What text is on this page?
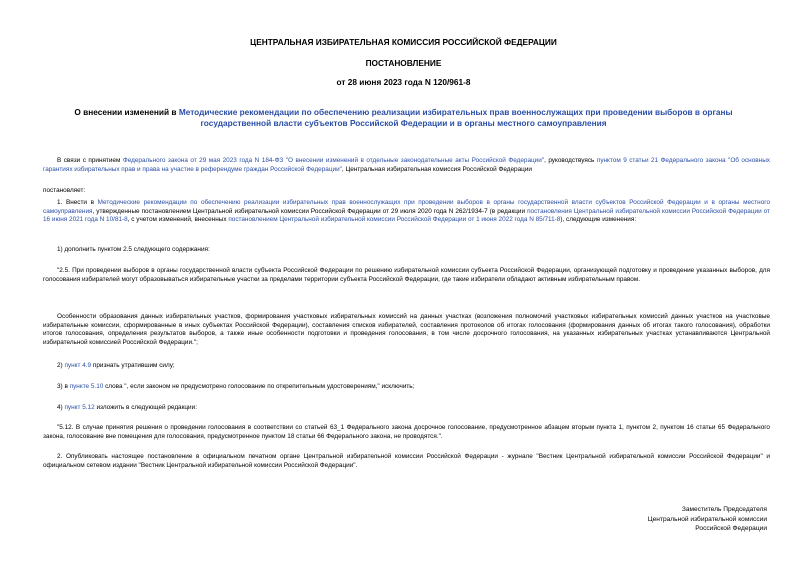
ЦЕНТРАЛЬНАЯ ИЗБИРАТЕЛЬНАЯ КОМИССИЯ РОССИЙСКОЙ ФЕДЕРАЦИИ
ПОСТАНОВЛЕНИЕ
от 28 июня 2023 года N 120/961-8
О внесении изменений в Методические рекомендации по обеспечению реализации избирательных прав военнослужащих при проведении выборов в органы государственной власти субъектов Российской Федерации и в органы местного самоуправления
В связи с принятием Федерального закона от 29 мая 2023 года N 184-ФЗ "О внесении изменений в отдельные законодательные акты Российской Федерации", руководствуясь пунктом 9 статьи 21 Федерального закона "Об основных гарантиях избирательных прав и права на участие в референдуме граждан Российской Федерации", Центральная избирательная комиссия Российской Федерации
постановляет:
1. Внести в Методические рекомендации по обеспечению реализации избирательных прав военнослужащих при проведении выборов в органы государственной власти субъектов Российской Федерации и в органы местного самоуправления, утвержденные постановлением Центральной избирательной комиссии Российской Федерации от 29 июля 2020 года N 262/1934-7 (в редакции постановления Центральной избирательной комиссии Российской Федерации от 16 июня 2021 года N 10/81-8, с учетом изменений, внесенных постановлением Центральной избирательной комиссии Российской Федерации от 1 июня 2022 года N 85/711-8), следующие изменения:
1) дополнить пунктом 2.5 следующего содержания:
"2.5. При проведении выборов в органы государственной власти субъекта Российской Федерации по решению избирательной комиссии субъекта Российской Федерации, организующей подготовку и проведение указанных выборов, для голосования избирателей могут образовываться избирательные участки за пределами территории субъекта Российской Федерации, где такие избиратели обладают активным избирательным правом.
Особенности образования данных избирательных участков, формирования участковых избирательных комиссий на данных участках (возложения полномочий участковых избирательных комиссий данных участков на участковые избирательные комиссии, сформированные в иных субъектах Российской Федерации), составления списков избирателей, составления протоколов об итогах голосования (формирования данных об итогах такого голосования), обработки итогов голосования, определения результатов выборов, а также иные особенности подготовки и проведения голосования, в том числе досрочного голосования, на указанных избирательных участках устанавливаются Центральной избирательной комиссией Российской Федерации.";
2) пункт 4.9 признать утратившим силу;
3) в пункте 5.10 слова ", если законом не предусмотрено голосование по открепительным удостоверениям," исключить;
4) пункт 5.12 изложить в следующей редакции:
"5.12. В случае принятия решения о проведении голосования в соответствии со статьей 63_1 Федерального закона досрочное голосование, предусмотренное абзацем вторым пункта 1, пунктом 2, пунктом 16 статьи 65 Федерального закона, голосование вне помещения для голосования, предусмотренное пунктом 18 статьи 66 Федерального закона, не проводятся.".
2. Опубликовать настоящее постановление в официальном печатном органе Центральной избирательной комиссии Российской Федерации - журнале "Вестник Центральной избирательной комиссии Российской Федерации" и официальном сетевом издании "Вестник Центральной избирательной комиссии Российской Федерации".
Заместитель Председателя
Центральной избирательной комиссии
Российской Федерации
